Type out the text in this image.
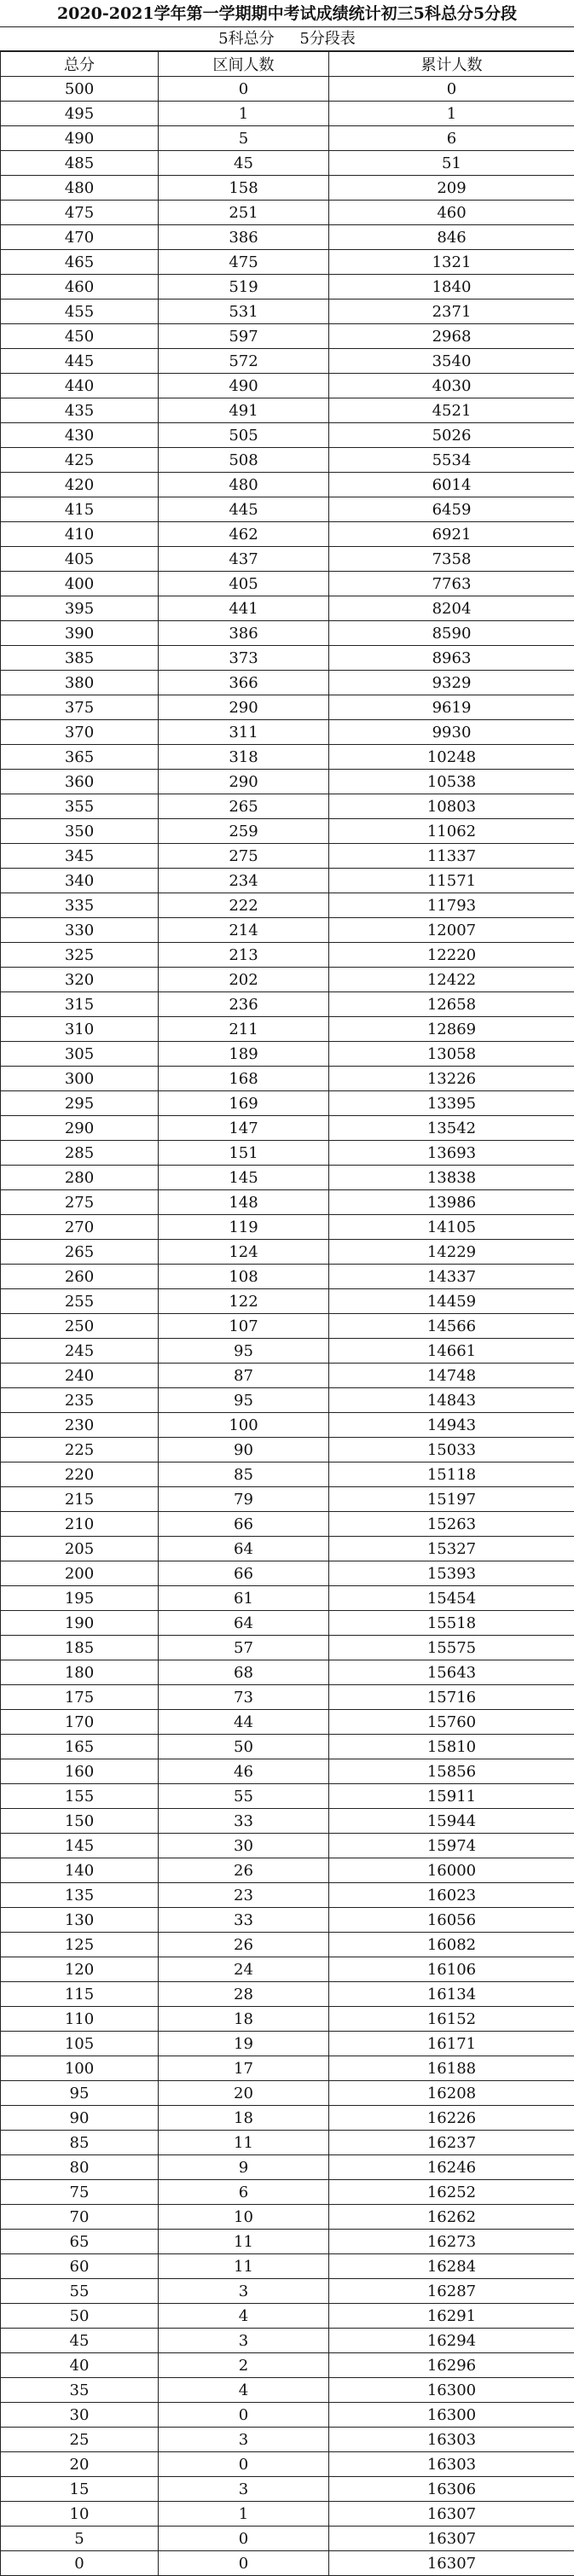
2020-2021学年第一学期期中考试成绩统计初三5科总分5分段
5科总分 5分段表
总分	区间人数	累计人数
500	0	0
495	1	1
490	5	6
485	45	51
480	158	209
475	251	460
470	386	846
465	475	1321
460	519	1840
455	531	2371
450	597	2968
445	572	3540
440	490	4030
435	491	4521
430	505	5026
425	508	5534
420	480	6014
415	445	6459
410	462	6921
405	437	7358
400	405	7763
395	441	8204
390	386	8590
385	373	8963
380	366	9329
375	290	9619
370	311	9930
365	318	10248
360	290	10538
355	265	10803
350	259	11062
345	275	11337
340	234	11571
335	222	11793
330	214	12007
325	213	12220
320	202	12422
315	236	12658
310	211	12869
305	189	13058
300	168	13226
295	169	13395
290	147	13542
285	151	13693
280	145	13838
275	148	13986
270	119	14105
265	124	14229
260	108	14337
255	122	14459
250	107	14566
245	95	14661
240	87	14748
235	95	14843
230	100	14943
225	90	15033
220	85	15118
215	79	15197
210	66	15263
205	64	15327
200	66	15393
195	61	15454
190	64	15518
185	57	15575
180	68	15643
175	73	15716
170	44	15760
165	50	15810
160	46	15856
155	55	15911
150	33	15944
145	30	15974
140	26	16000
135	23	16023
130	33	16056
125	26	16082
120	24	16106
115	28	16134
110	18	16152
105	19	16171
100	17	16188
95	20	16208
90	18	16226
85	11	16237
80	9	16246
75	6	16252
70	10	16262
65	11	16273
60	11	16284
55	3	16287
50	4	16291
45	3	16294
40	2	16296
35	4	16300
30	0	16300
25	3	16303
20	0	16303
15	3	16306
10	1	16307
5	0	16307
0	0	16307
